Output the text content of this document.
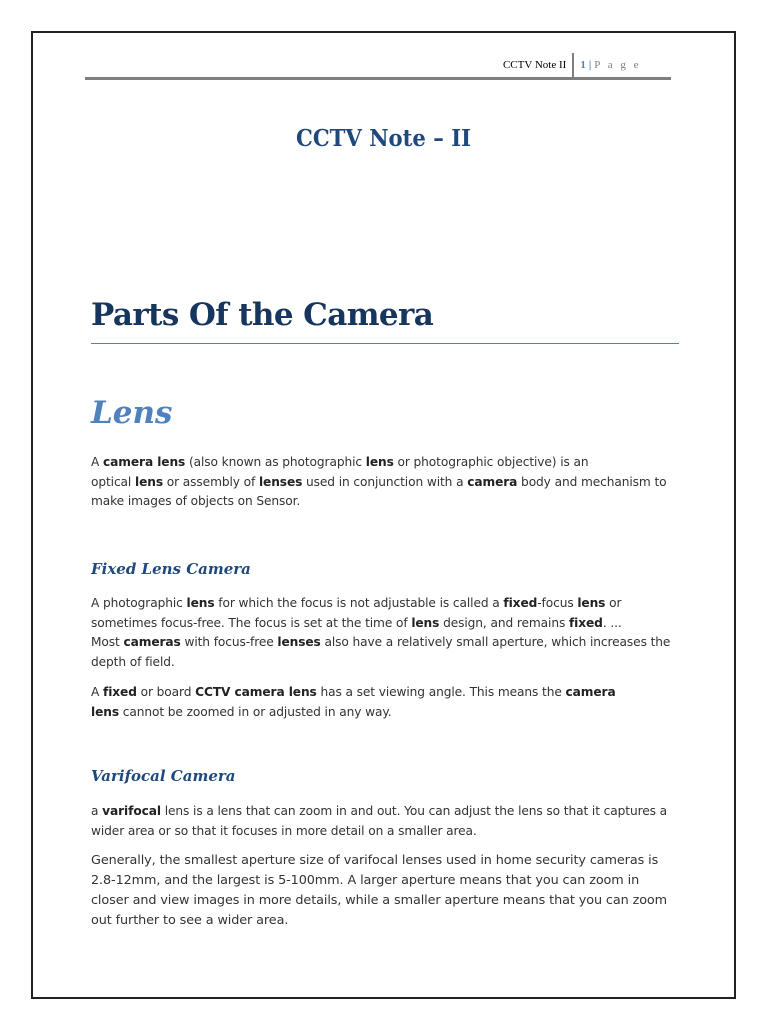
CCTV Note II	1 | P a g e
CCTV Note – II
Parts Of the Camera
Lens

A camera lens (also known as photographic lens or photographic objective) is an
optical lens or assembly of lenses used in conjunction with a camera body and mechanism to
make images of objects on Sensor.

Fixed Lens Camera

A photographic lens for which the focus is not adjustable is called a fixed-focus lens or
sometimes focus-free. The focus is set at the time of lens design, and remains fixed. ...
Most cameras with focus-free lenses also have a relatively small aperture, which increases the
depth of field.

A fixed or board CCTV camera lens has a set viewing angle. This means the camera
lens cannot be zoomed in or adjusted in any way.

Varifocal Camera

a varifocal lens is a lens that can zoom in and out. You can adjust the lens so that it captures a
wider area or so that it focuses in more detail on a smaller area.

Generally, the smallest aperture size of varifocal lenses used in home security cameras is
2.8-12mm, and the largest is 5-100mm. A larger aperture means that you can zoom in
closer and view images in more details, while a smaller aperture means that you can zoom
out further to see a wider area.
